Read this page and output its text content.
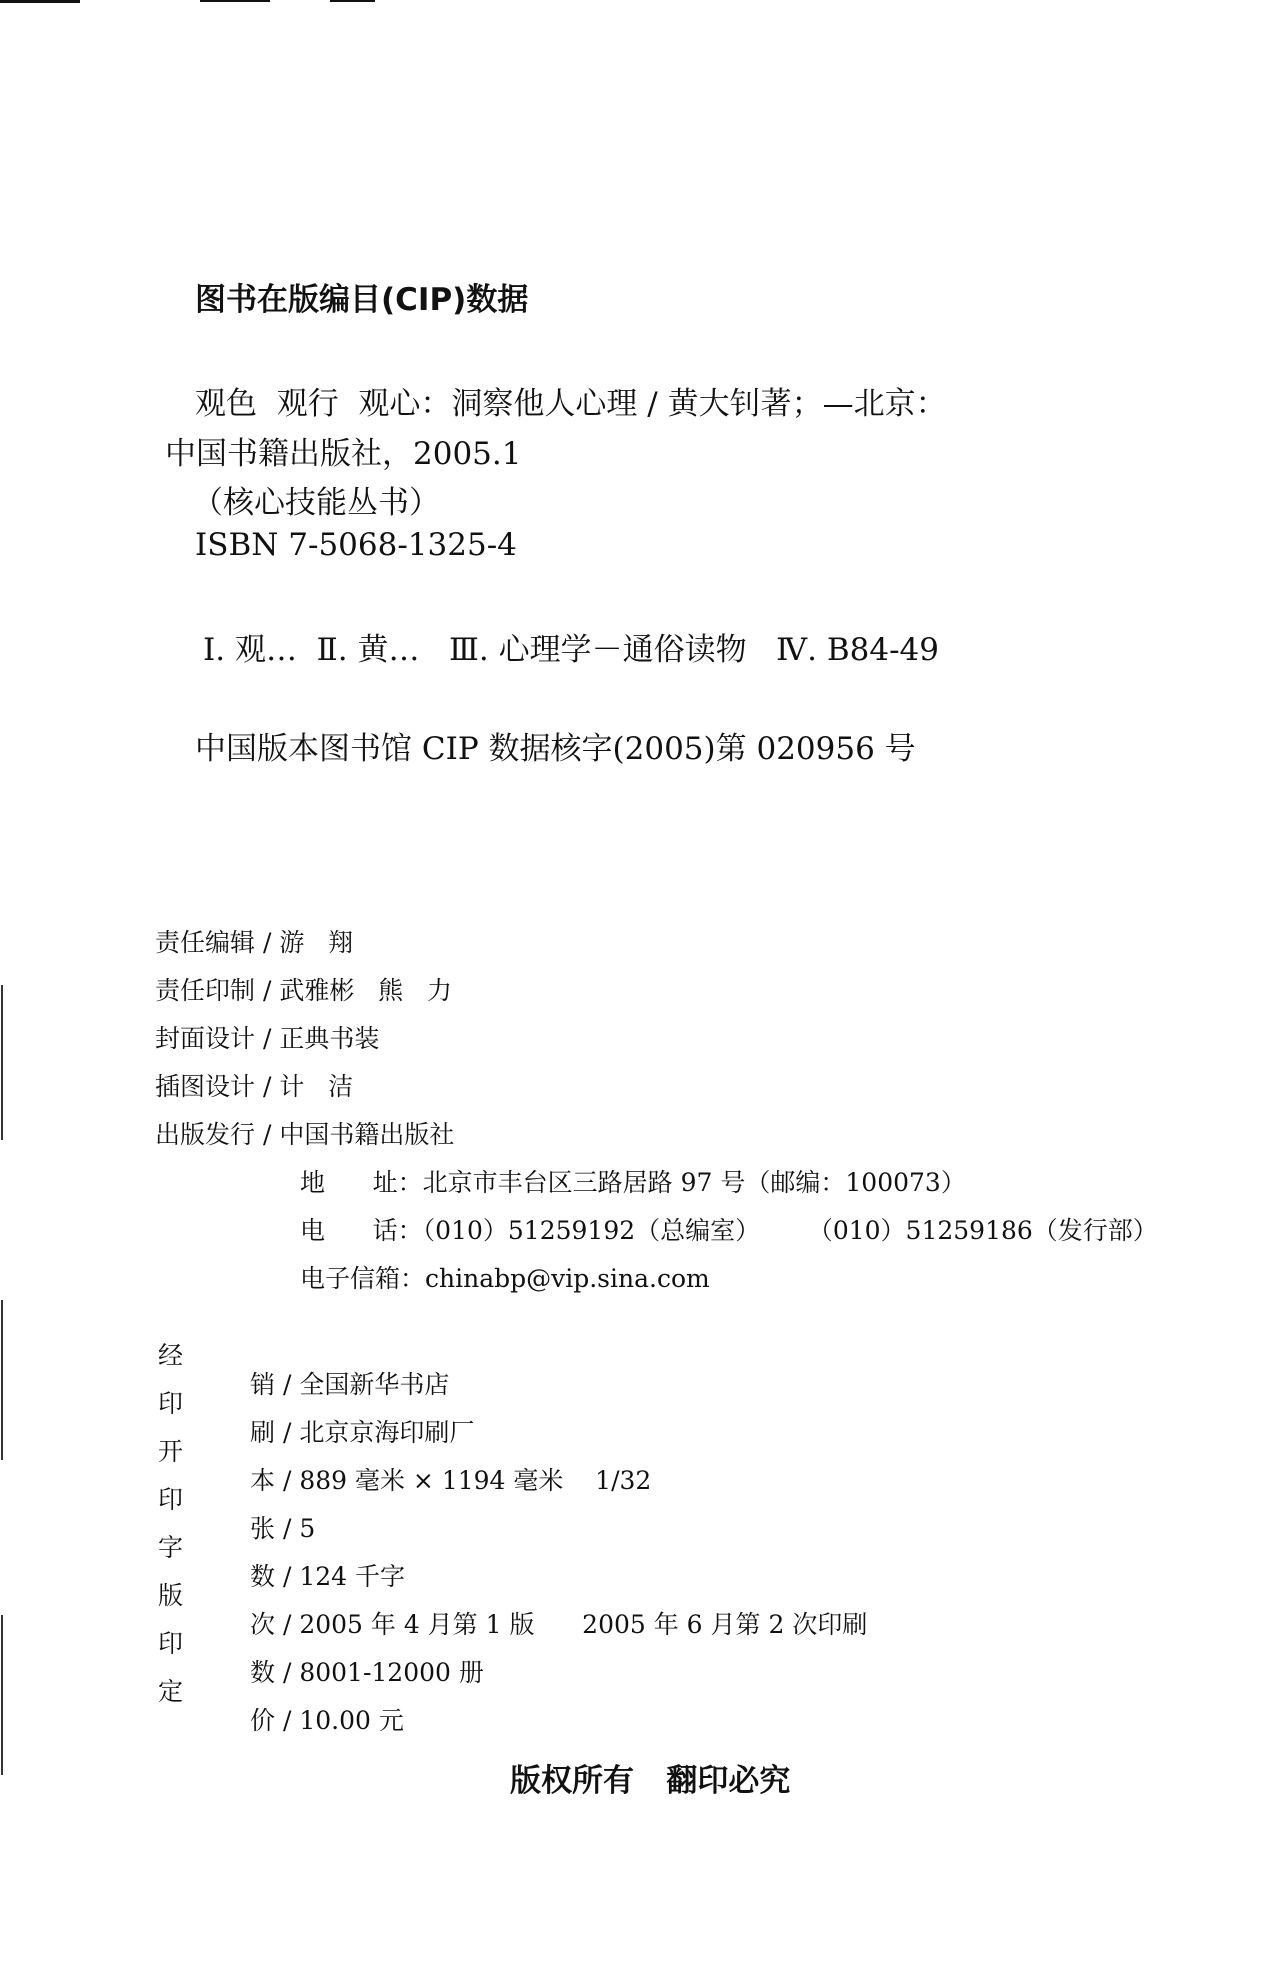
图书在版编目(CIP)数据
观色  观行  观心：洞察他人心理 / 黄大钊著；—北京：
中国书籍出版社，2005.1
（核心技能丛书）
ISBN 7-5068-1325-4
Ⅰ. 观…  Ⅱ. 黄…   Ⅲ. 心理学－通俗读物   Ⅳ. B84-49
中国版本图书馆 CIP 数据核字(2005)第 020956 号
责任编辑 / 游   翔
责任印制 / 武雅彬   熊   力
封面设计 / 正典书装
插图设计 / 计   洁
出版发行 / 中国书籍出版社
地      址：北京市丰台区三路居路 97 号（邮编：100073）
电      话：（010）51259192（总编室）      （010）51259186（发行部）
电子信箱：chinabp@vip.sina.com

经

销 / 全国新华书店

印

刷 / 北京京海印刷厂

开

本 / 889 毫米 × 1194 毫米    1/32

印

张 / 5

字

数 / 124 千字

版

次 / 2005 年 4 月第 1 版      2005 年 6 月第 2 次印刷

印

数 / 8001-12000 册

定

价 / 10.00 元

版权所有   翻印必究
